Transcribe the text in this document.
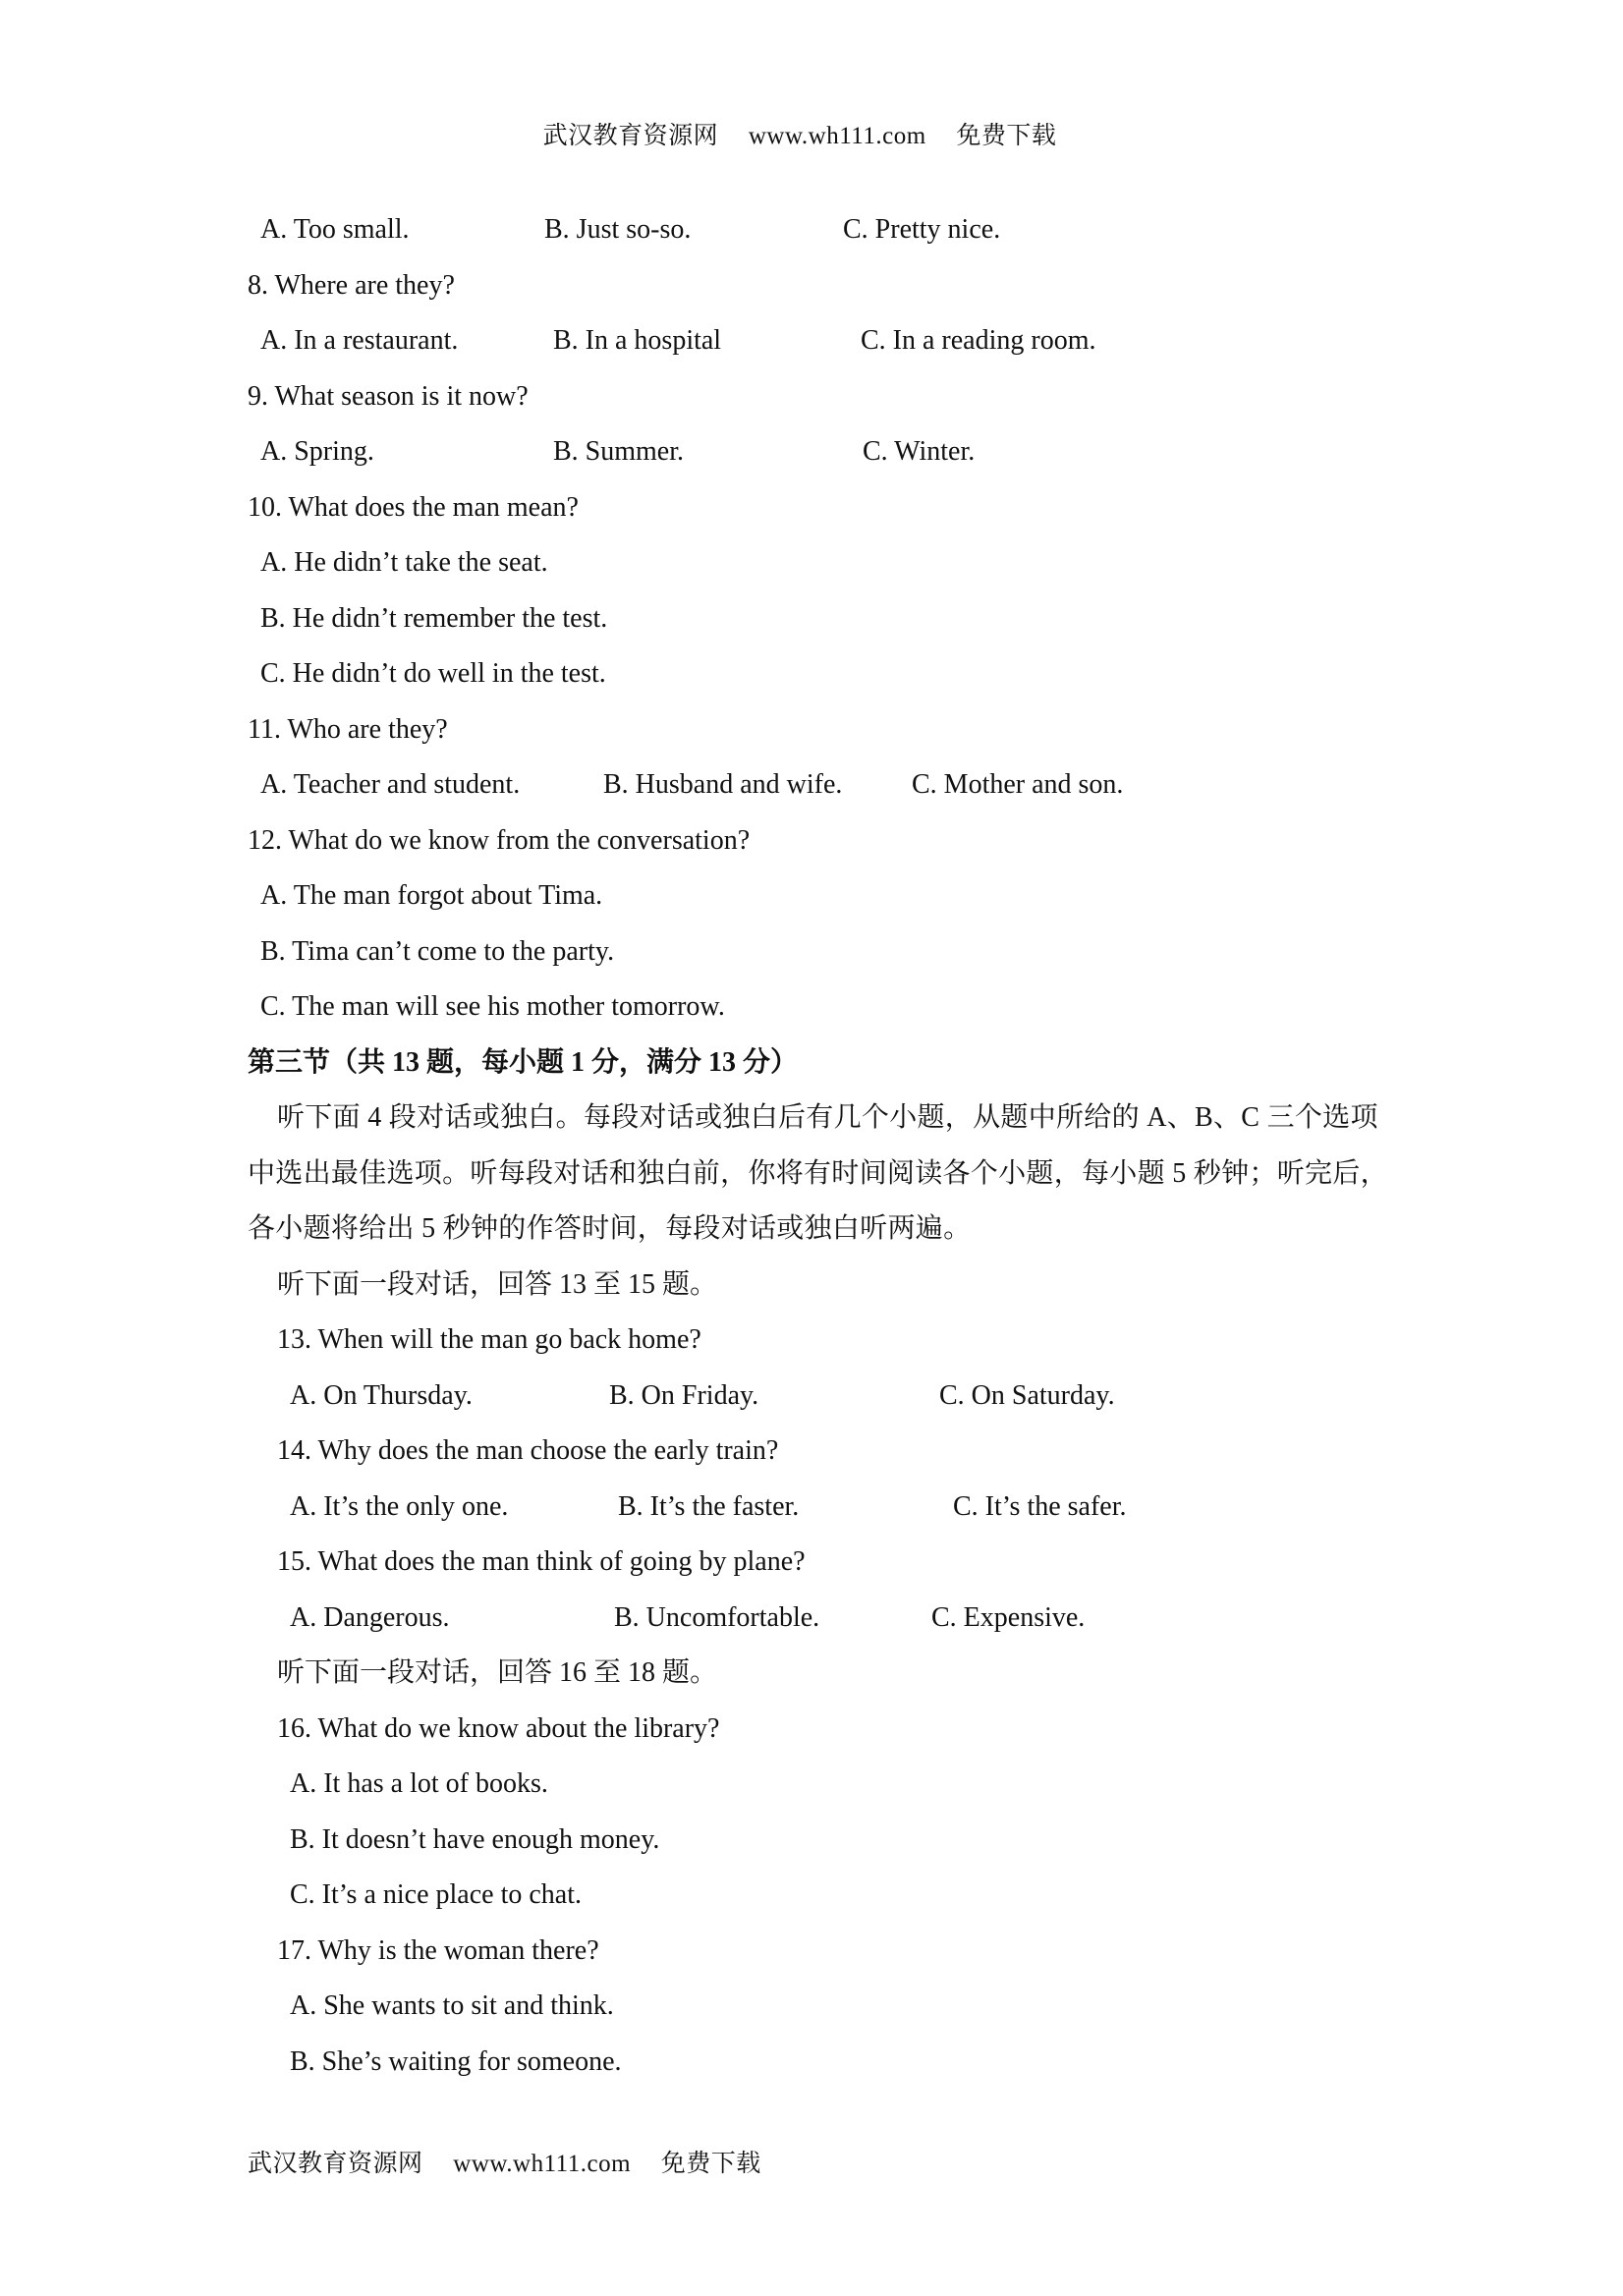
武汉教育资源网 www.wh111.com 免费下载
A. Too small.	B. Just so-so.	C. Pretty nice.
8. Where are they?
A. In a restaurant.	B. In a hospital	C. In a reading room.
9. What season is it now?
A. Spring.	B. Summer.	C. Winter.
10. What does the man mean?
A. He didn’t take the seat.
B. He didn’t remember the test.
C. He didn’t do well in the test.
11. Who are they?
A. Teacher and student.	B. Husband and wife.	C. Mother and son.
12. What do we know from the conversation?
A. The man forgot about Tima.
B. Tima can’t come to the party.
C. The man will see his mother tomorrow.
第三节（共 13 题，每小题 1 分，满分 13 分）
听下面 4 段对话或独白。每段对话或独白后有几个小题，从题中所给的 A、B、C 三个选项中选出最佳选项。听每段对话和独白前，你将有时间阅读各个小题，每小题 5 秒钟；听完后，各小题将给出 5 秒钟的作答时间，每段对话或独白听两遍。
听下面一段对话，回答 13 至 15 题。
13. When will the man go back home?
A. On Thursday.	B. On Friday.	C. On Saturday.
14. Why does the man choose the early train?
A. It’s the only one.	B. It’s the faster.	C. It’s the safer.
15. What does the man think of going by plane?
A. Dangerous.	B. Uncomfortable.	C. Expensive.
听下面一段对话，回答 16 至 18 题。
16. What do we know about the library?
A. It has a lot of books.
B. It doesn’t have enough money.
C. It’s a nice place to chat.
17. Why is the woman there?
A. She wants to sit and think.
B. She’s waiting for someone.
武汉教育资源网 www.wh111.com 免费下载
